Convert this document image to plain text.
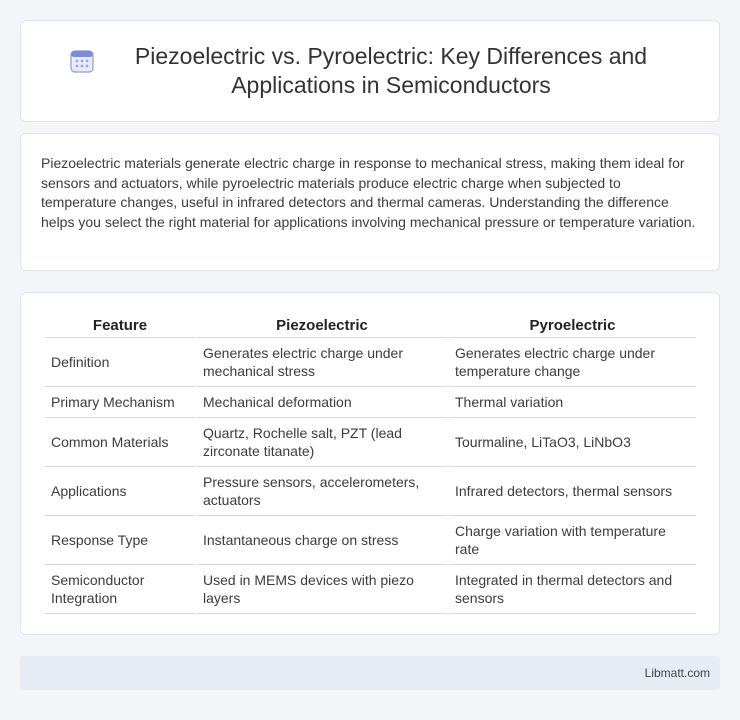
Piezoelectric vs. Pyroelectric: Key Differences and Applications in Semiconductors

Piezoelectric materials generate electric charge in response to mechanical stress, making them ideal for sensors and actuators, while pyroelectric materials produce electric charge when subjected to temperature changes, useful in infrared detectors and thermal cameras. Understanding the difference helps you select the right material for applications involving mechanical pressure or temperature variation.

Feature	Piezoelectric	Pyroelectric
Definition	Generates electric charge under mechanical stress	Generates electric charge under temperature change
Primary Mechanism	Mechanical deformation	Thermal variation
Common Materials	Quartz, Rochelle salt, PZT (lead zirconate titanate)	Tourmaline, LiTaO3, LiNbO3
Applications	Pressure sensors, accelerometers, actuators	Infrared detectors, thermal sensors
Response Type	Instantaneous charge on stress	Charge variation with temperature rate
Semiconductor Integration	Used in MEMS devices with piezo layers	Integrated in thermal detectors and sensors
Libmatt.com
